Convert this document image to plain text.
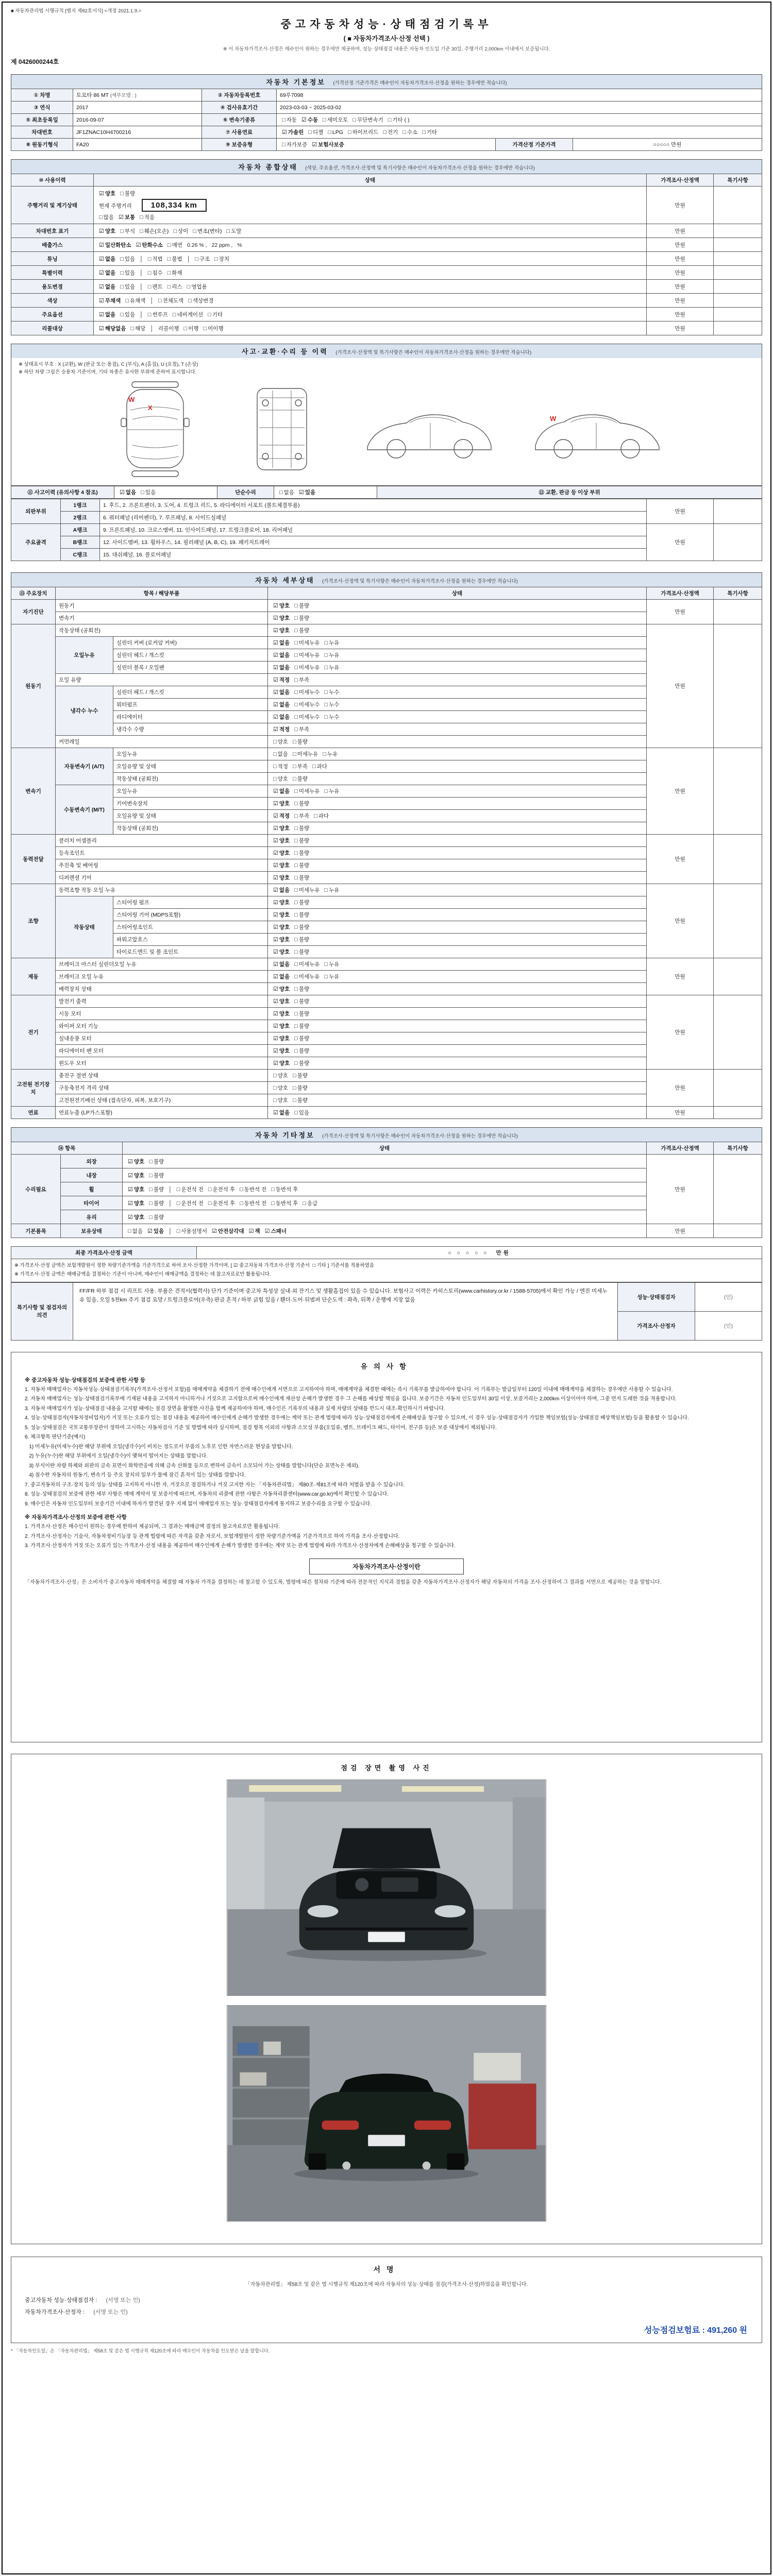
■ 자동차관리법 시행규칙 [별지 제82호서식] <개정 2021.1.9.>
중고자동차성능·상태점검기록부
( ■ 자동차가격조사·산정 선택 )
※ 이 자동차가격조사·산정은 매수인이 원하는 경우에만 제공하며, 성능·상태점검 내용은 자동차 인도일 기준 30일, 주행거리 2,000km 이내에서 보증됩니다.
제 0426000244호
자동차 기본정보 (가격산정 기준가격은 매수인이 자동차가격조사·산정을 원하는 경우에만 적습니다)
① 차명	토요타 86 MT (세부모델 : )	② 자동차등록번호	69루7098		
③ 연식	2017	④ 검사유효기간	2023-03-03 ~ 2025-03-02		
⑤ 최초등록일	2016-09-07	⑥ 변속기종류	□ 자동 ☑ 수동 □ 세미오토 □ 무단변속기 □ 기타 ( )		
차대번호	JF1ZNAC10H4700216	⑦ 사용연료	☑ 가솔린 □ 디젤 □ LPG □ 하이브리드 □ 전기 □ 수소 □ 기타		
⑧ 원동기형식	FA20	⑨ 보증유형	□ 자가보증 ☑ 보험사보증	가격산정 기준가격	○○○○○ 만원
자동차 종합상태 (색상, 주요옵션, 가격조사·산정액 및 특기사항은 매수인이 자동차가격조사·산정을 원하는 경우에만 적습니다)
⑩ 사용이력	상태	가격조사·산정액	특기사항
주행거리 및 계기상태	☑ 양호 □ 불량
현재 주행거리 108,334 km
□ 많음 ☑ 보통 □ 적음	만원	
차대번호 표기	☑ 양호 □ 부식 □ 훼손(오손) □ 상이 □ 변조(변타) □ 도말	만원	
배출가스	☑ 일산화탄소 ☑ 탄화수소 □ 매연 0.26 % , 22 ppm , %	만원	
튜닝	☑ 없음 □ 있음 │ □ 적법 □ 불법 │ □ 구조 □ 장치	만원	
특별이력	☑ 없음 □ 있음 │ □ 침수 □ 화재	만원	
용도변경	☑ 없음 □ 있음 │ □ 렌트 □ 리스 □ 영업용	만원	
색상	☑ 무채색 □ 유채색 │ □ 전체도색 □ 색상변경	만원	
주요옵션	☑ 없음 □ 있음 │ □ 썬루프 □ 네비게이션 □ 기타	만원	
리콜대상	☑ 해당없음 □ 해당 │ 리콜이행 □ 이행 □ 미이행	만원	
사고·교환·수리 등 이력 (가격조사·산정액 및 특기사항은 매수인이 자동차가격조사·산정을 원하는 경우에만 적습니다)
※ 상태표시 부호 : X (교환), W (판금 또는 용접), C (부식), A (흠집), U (요철), T (손상)
※ 하단 차량 그림은 승용차 기준이며, 기타 차종은 유사한 부위에 준하여 표시합니다.
X
W
W
⑪ 사고이력 (유의사항 4 참조)	☑ 없음 □ 있음	단순수리	□ 없음 ☑ 있음	⑫ 교환, 판금 등 이상 부위
외판부위	1랭크	1. 후드, 2. 프론트펜더, 3. 도어, 4. 트렁크 리드, 5. 라디에이터 서포트 (볼트체결부품)	만원	
	2랭크	6. 쿼터패널 (리어펜더), 7. 루프패널, 8. 사이드실패널		
주요골격	A랭크	9. 프론트패널, 10. 크로스멤버, 11. 인사이드패널, 17. 트렁크플로어, 18. 리어패널	만원	
	B랭크	12. 사이드멤버, 13. 휠하우스, 14. 필러패널 (A, B, C), 19. 패키지트레이		
	C랭크	15. 대쉬패널, 16. 플로어패널		
자동차 세부상태 (가격조사·산정액 및 특기사항은 매수인이 자동차가격조사·산정을 원하는 경우에만 적습니다)
⑬ 주요장치	항목 / 해당부품		상태	가격조사·산정액	특기사항
자기진단	원동기		☑ 양호 □ 불량	만원	
	변속기		☑ 양호 □ 불량		
원동기	작동상태 (공회전)		☑ 양호 □ 불량	만원	
	오일누유	실린더 커버 (로커암 커버)	☑ 없음 □ 미세누유 □ 누유		
		실린더 헤드 / 개스킷	☑ 없음 □ 미세누유 □ 누유		
		실린더 블록 / 오일팬	☑ 없음 □ 미세누유 □ 누유		
	오일 유량		☑ 적정 □ 부족		
	냉각수 누수	실린더 헤드 / 개스킷	☑ 없음 □ 미세누수 □ 누수		
		워터펌프	☑ 없음 □ 미세누수 □ 누수		
		라디에이터	☑ 없음 □ 미세누수 □ 누수		
		냉각수 수량	☑ 적정 □ 부족		
	커먼레일		□ 양호 □ 불량		
변속기	자동변속기 (A/T)	오일누유	□ 없음 □ 미세누유 □ 누유	만원	
		오일유량 및 상태	□ 적정 □ 부족 □ 과다		
		작동상태 (공회전)	□ 양호 □ 불량		
	수동변속기 (M/T)	오일누유	☑ 없음 □ 미세누유 □ 누유		
		기어변속장치	☑ 양호 □ 불량		
		오일유량 및 상태	☑ 적정 □ 부족 □ 과다		
		작동상태 (공회전)	☑ 양호 □ 불량		
동력전달	클러치 어셈블리		☑ 양호 □ 불량	만원	
	등속조인트		☑ 양호 □ 불량		
	추진축 및 베어링		☑ 양호 □ 불량		
	디퍼렌셜 기어		☑ 양호 □ 불량		
조향	동력조향 작동 오일 누유		☑ 없음 □ 미세누유 □ 누유	만원	
	작동상태	스티어링 펌프	☑ 양호 □ 불량		
		스티어링 기어 (MDPS포함)	☑ 양호 □ 불량		
		스티어링조인트	☑ 양호 □ 불량		
		파워고압호스	☑ 양호 □ 불량		
		타이로드엔드 및 볼 조인트	☑ 양호 □ 불량		
제동	브레이크 마스터 실린더오일 누유		☑ 없음 □ 미세누유 □ 누유	만원	
	브레이크 오일 누유		☑ 없음 □ 미세누유 □ 누유		
	배력장치 상태		☑ 양호 □ 불량		
전기	발전기 출력		☑ 양호 □ 불량	만원	
	시동 모터		☑ 양호 □ 불량		
	와이퍼 모터 기능		☑ 양호 □ 불량		
	실내송풍 모터		☑ 양호 □ 불량		
	라디에이터 팬 모터		☑ 양호 □ 불량		
	윈도우 모터		☑ 양호 □ 불량		
고전원 전기장치	충전구 절연 상태		□ 양호 □ 불량	만원	
	구동축전지 격리 상태		□ 양호 □ 불량		
	고전원전기배선 상태 (접속단자, 피복, 보호기구)		□ 양호 □ 불량		
연료	연료누출 (LP가스포함)		☑ 없음 □ 있음	만원	
자동차 기타정보 (가격조사·산정액 및 특기사항은 매수인이 자동차가격조사·산정을 원하는 경우에만 적습니다)
⑭ 항목		상태	가격조사·산정액	특기사항
수리필요	외장	☑ 양호 □ 불량	만원	
	내장	☑ 양호 □ 불량		

	휠	☑ 양호 □ 불량 │ □ 운전석 전 □ 운전석 후 □ 동반석 전 □ 동반석 후		

	타이어	☑ 양호 □ 불량 │ □ 운전석 전 □ 운전석 후 □ 동반석 전 □ 동반석 후 □ 응급		

	유리	☑ 양호 □ 불량		

기본품목	보유상태	□ 없음 ☑ 있음 │ □ 사용설명서 ☑ 안전삼각대 ☑ 잭 ☑ 스패너	만원	
최종 가격조사·산정 금액	○ ○ ○ ○ ○ 만원

※ 가격조사·산정 금액은 보험개발원이 정한 차량기준가액을 기준가격으로 하여 조사·산정한 가격이며, [ ☑ 중고자동차 가격조사·산정 기준서  □ 기타 ] 기준서를 적용하였음
※ 가격조사·산정 금액은 매매금액을 결정하는 기준이 아니며, 매수인이 매매금액을 결정하는 데 참고자료로만 활용됩니다.
특기사항 및 점검자의 의견	FF/FR 하부 점검 시 리프트 사용. 부품은 견적서(협력사) 단가 기준이며 중고차 특성상 실내·외 잔기스 및 생활흠집이 있을 수 있습니다. 보험사고 이력은 카히스토리(www.carhistory.or.kr / 1588-5705)에서 확인 가능 / 엔진 미세누유 있음, 오일 5천km 주기 점검 요망 / 트렁크플로어(우측) 판금 흔적 / 하부 긁힘 있음 / 휀더·도어·뒤범퍼 단순도색 : 좌측, 뒤쪽 / 운행에 지장 없음	성능·상태점검자	(인)
		가격조사·산정자	(인)
유의사항
※ 중고자동차 성능·상태점검의 보증에 관한 사항 등
1. 자동차 매매업자는 자동차성능·상태점검기록부(가격조사·산정서 포함)를 매매계약을 체결하기 전에 매수인에게 서면으로 고지하여야 하며, 매매계약을 체결한 때에는 즉시 기록부를 발급하여야 합니다. 이 기록부는 발급일부터 120일 이내에 매매계약을 체결하는 경우에만 사용할 수 있습니다.
2. 자동차 매매업자는 성능·상태점검기록부에 기재된 내용을 고지하지 아니하거나 거짓으로 고지함으로써 매수인에게 재산상 손해가 발생한 경우 그 손해를 배상할 책임을 집니다. 보증기간은 자동차 인도일부터 30일 이상, 보증거리는 2,000km 이상이어야 하며, 그중 먼저 도래한 것을 적용합니다.
3. 자동차 매매업자가 성능·상태점검 내용을 고지할 때에는 점검 장면을 촬영한 사진을 함께 제공하여야 하며, 매수인은 기록부의 내용과 실제 차량의 상태를 반드시 대조·확인하시기 바랍니다.
4. 성능·상태점검자(자동차정비업자)가 거짓 또는 오류가 있는 점검 내용을 제공하여 매수인에게 손해가 발생한 경우에는 계약 또는 관계 법령에 따라 성능·상태점검자에게 손해배상을 청구할 수 있으며, 이 경우 성능·상태점검자가 가입한 책임보험(성능·상태점검 배상책임보험) 등을 활용할 수 있습니다.
5. 성능·상태점검은 국토교통부장관이 정하여 고시하는 자동차검사 기준 및 방법에 따라 실시하며, 점검 항목 이외의 사항과 소모성 부품(오일류, 벨트, 브레이크 패드, 타이어, 전구류 등)은 보증 대상에서 제외됩니다.
6. 체크항목 판단기준(예시)
1) 미세누유(미세누수)란 해당 부위에 오일(냉각수)이 비치는 정도로서 부품의 노후로 인한 자연스러운 현상을 말합니다.
2) 누유(누수)란 해당 부위에서 오일(냉각수)이 맺혀서 떨어지는 상태를 말합니다.
3) 부식이란 차량 하체와 외판의 금속 표면이 화학반응에 의해 금속 산화물 등으로 변하여 금속이 소모되어 가는 상태를 말합니다(단순 표면녹은 제외).
4) 침수란 자동차의 원동기, 변속기 등 주요 장치의 일부가 물에 잠긴 흔적이 있는 상태를 말합니다.
7. 중고자동차의 구조·장치 등의 성능·상태를 고지하지 아니한 자, 거짓으로 점검하거나 거짓 고지한 자는 「자동차관리법」 제80조·제81조에 따라 처벌을 받을 수 있습니다.
8. 성능·상태점검의 보증에 관한 세부 사항은 매매 계약서 및 보증서에 따르며, 자동차의 리콜에 관한 사항은 자동차리콜센터(www.car.go.kr)에서 확인할 수 있습니다.
9. 매수인은 자동차 인도일부터 보증기간 이내에 하자가 발견된 경우 지체 없이 매매업자 또는 성능·상태점검자에게 통지하고 보증수리를 요구할 수 있습니다.
※ 자동차가격조사·산정의 보증에 관한 사항
1. 가격조사·산정은 매수인이 원하는 경우에 한하여 제공되며, 그 결과는 매매금액 결정의 참고자료로만 활용됩니다.
2. 가격조사·산정자는 기술사, 자동차정비기능장 등 관계 법령에 따른 자격을 갖춘 자로서, 보험개발원이 정한 차량기준가액을 기준가격으로 하여 가격을 조사·산정합니다.
3. 가격조사·산정자가 거짓 또는 오류가 있는 가격조사·산정 내용을 제공하여 매수인에게 손해가 발생한 경우에는 계약 또는 관계 법령에 따라 가격조사·산정자에게 손해배상을 청구할 수 있습니다.
자동차가격조사·산정이란
「자동차가격조사·산정」은 소비자가 중고자동차 매매계약을 체결할 때 자동차 가격을 결정하는 데 참고할 수 있도록, 법령에 따른 절차와 기준에 따라 전문적인 지식과 경험을 갖춘 자동차가격조사·산정자가 해당 자동차의 가격을 조사·산정하여 그 결과를 서면으로 제공하는 것을 말합니다.
점검 장면 촬영 사진
서명
「자동차관리법」 제58조 및 같은 법 시행규칙 제120조에 따라 자동차의 성능·상태를 점검(가격조사·산정)하였음을 확인합니다.
중고자동차 성능·상태점검자 : (서명 또는 인)
자동차가격조사·산정자 : (서명 또는 인)
성능점검보험료 : 491,260 원
* 「자동차인도일」은 「자동차관리법」 제58조 및 같은 법 시행규칙 제120조에 따라 매수인이 자동차를 인도받은 날을 말합니다.
